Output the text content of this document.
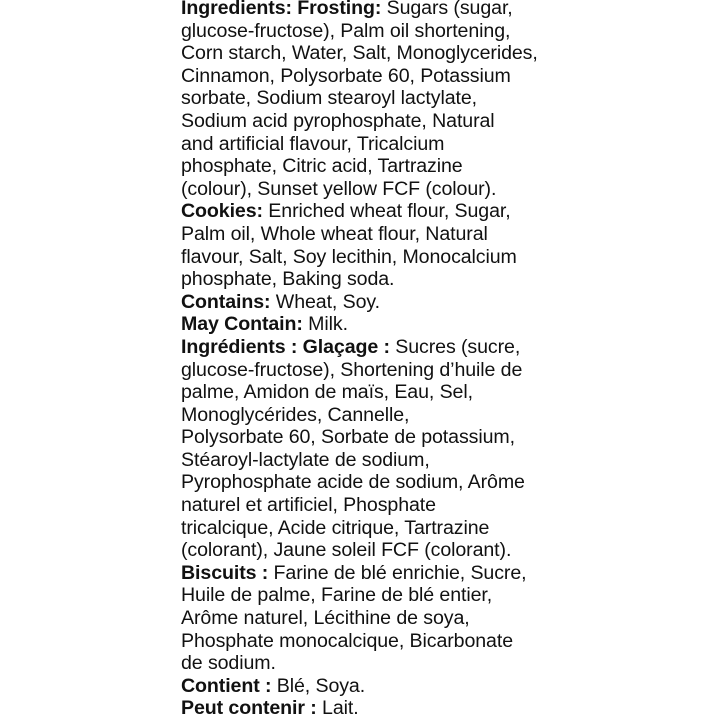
Ingredients: Frosting: Sugars (sugar,
glucose-fructose), Palm oil shortening,
Corn starch, Water, Salt, Monoglycerides,
Cinnamon, Polysorbate 60, Potassium
sorbate, Sodium stearoyl lactylate,
Sodium acid pyrophosphate, Natural
and artificial flavour, Tricalcium
phosphate, Citric acid, Tartrazine
(colour), Sunset yellow FCF (colour).
Cookies: Enriched wheat flour, Sugar,
Palm oil, Whole wheat flour, Natural
flavour, Salt, Soy lecithin, Monocalcium
phosphate, Baking soda.
Contains: Wheat, Soy.
May Contain: Milk.
Ingrédients : Glaçage : Sucres (sucre,
glucose-fructose), Shortening d’huile de
palme, Amidon de maïs, Eau, Sel,
Monoglycérides, Cannelle,
Polysorbate 60, Sorbate de potassium,
Stéaroyl-lactylate de sodium,
Pyrophosphate acide de sodium, Arôme
naturel et artificiel, Phosphate
tricalcique, Acide citrique, Tartrazine
(colorant), Jaune soleil FCF (colorant).
Biscuits : Farine de blé enrichie, Sucre,
Huile de palme, Farine de blé entier,
Arôme naturel, Lécithine de soya,
Phosphate monocalcique, Bicarbonate
de sodium.
Contient : Blé, Soya.
Peut contenir : Lait.
